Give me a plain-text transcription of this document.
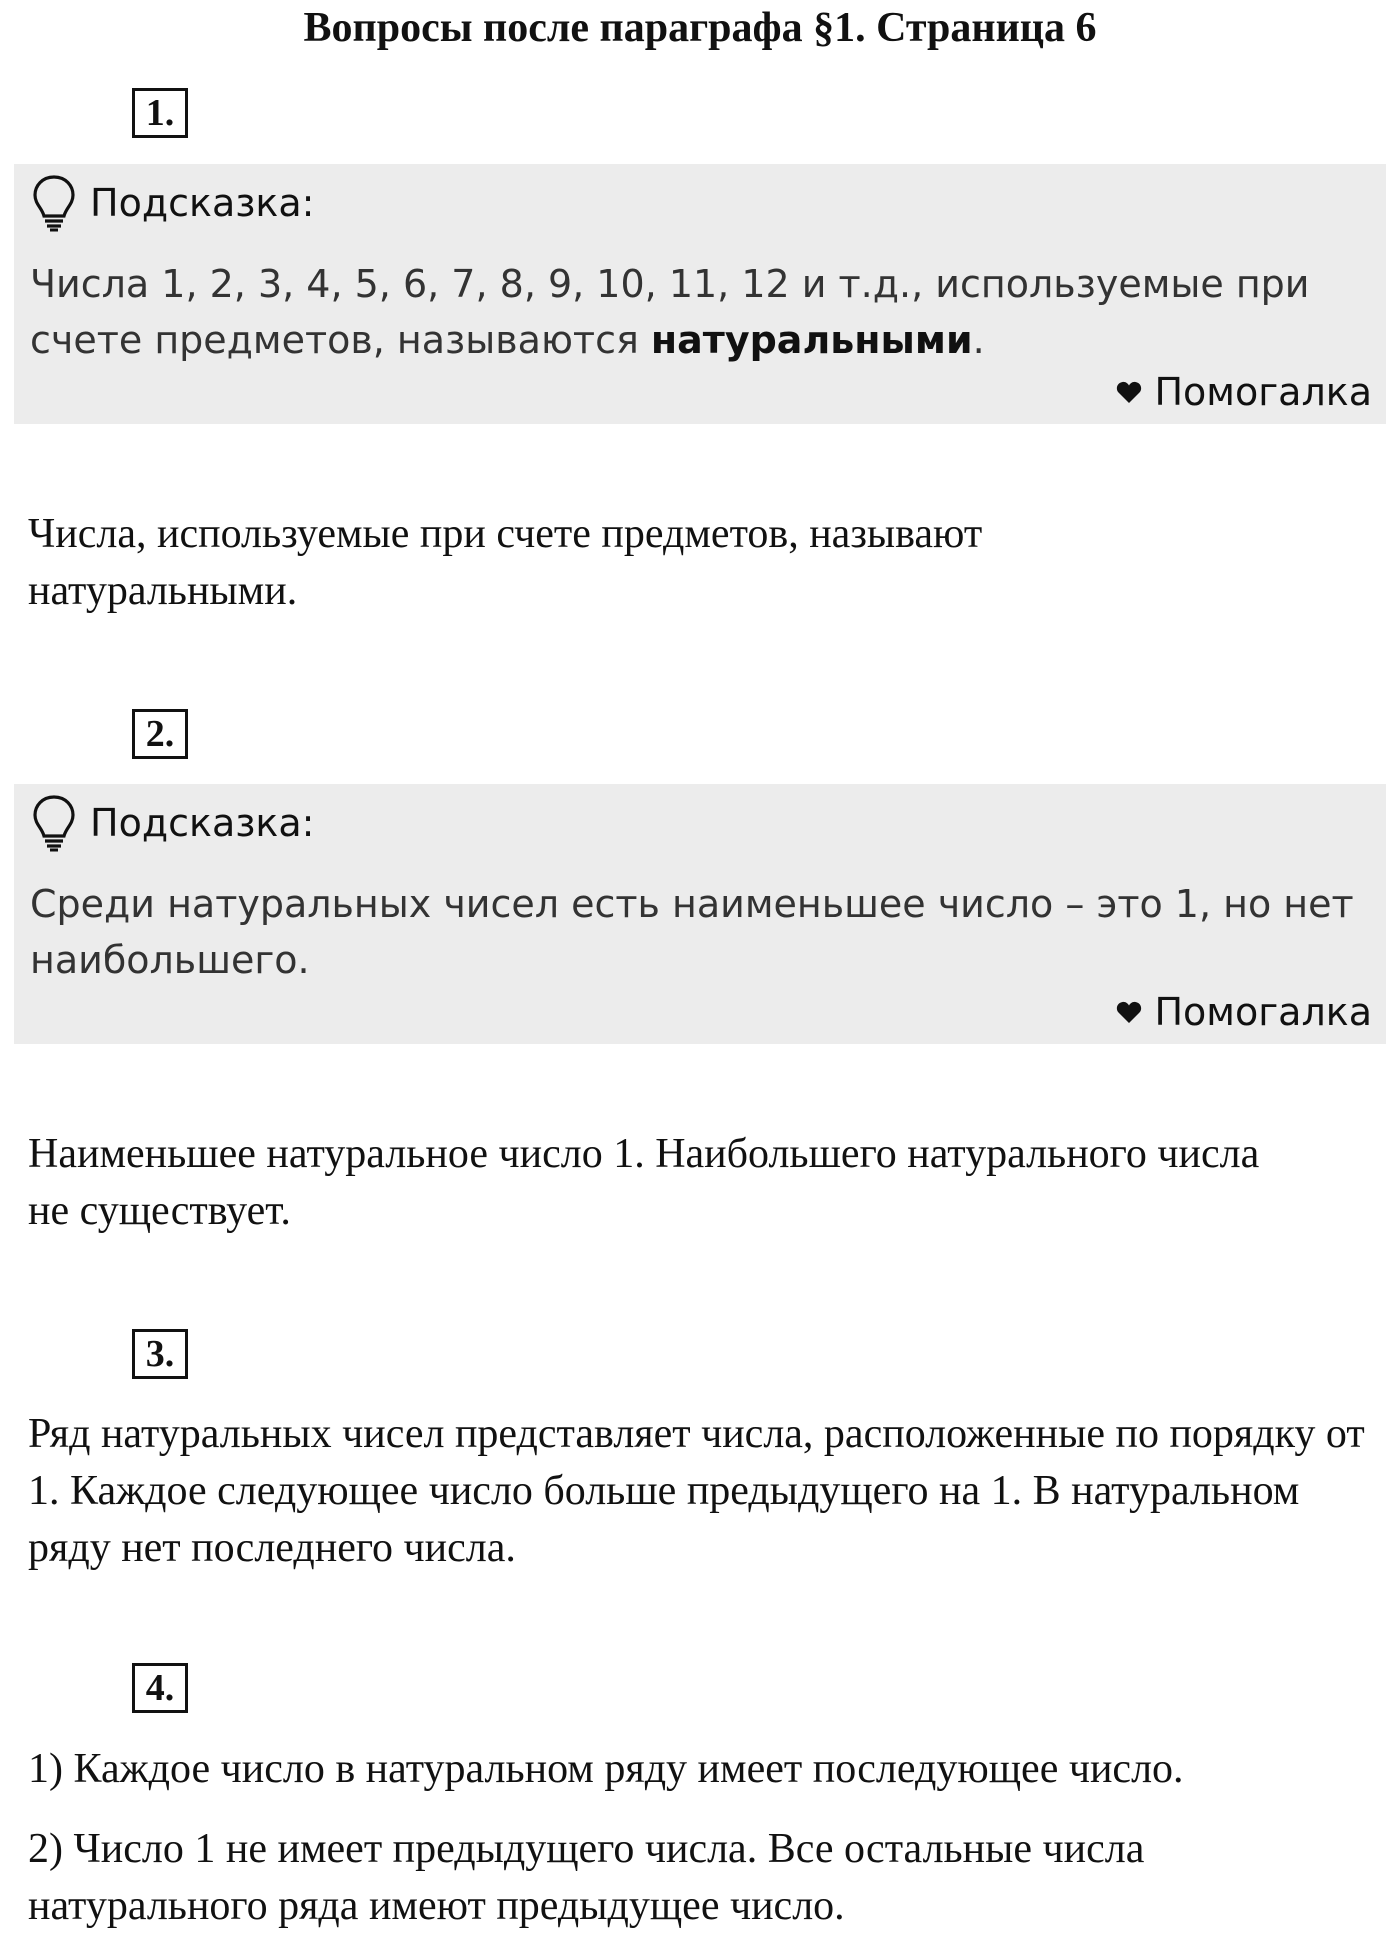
Вопросы после параграфа §1. Страница 6
1.
Подсказка:
Числа 1, 2, 3, 4, 5, 6, 7, 8, 9, 10, 11, 12 и т.д., используемые при счете предметов, называются натуральными.
Помогалка

Числа, используемые при счете предметов, называют натуральными.

2.
Подсказка:
Среди натуральных чисел есть наименьшее число – это 1, но нет наибольшего.
Помогалка

Наименьшее натуральное число 1. Наибольшего натурального числа не существует.

3.

Ряд натуральных чисел представляет числа, расположенные по порядку от 1. Каждое следующее число больше предыдущего на 1. В натуральном ряду нет последнего числа.

4.

1) Каждое число в натуральном ряду имеет последующее число.

2) Число 1 не имеет предыдущего числа. Все остальные числа натурального ряда имеют предыдущее число.
